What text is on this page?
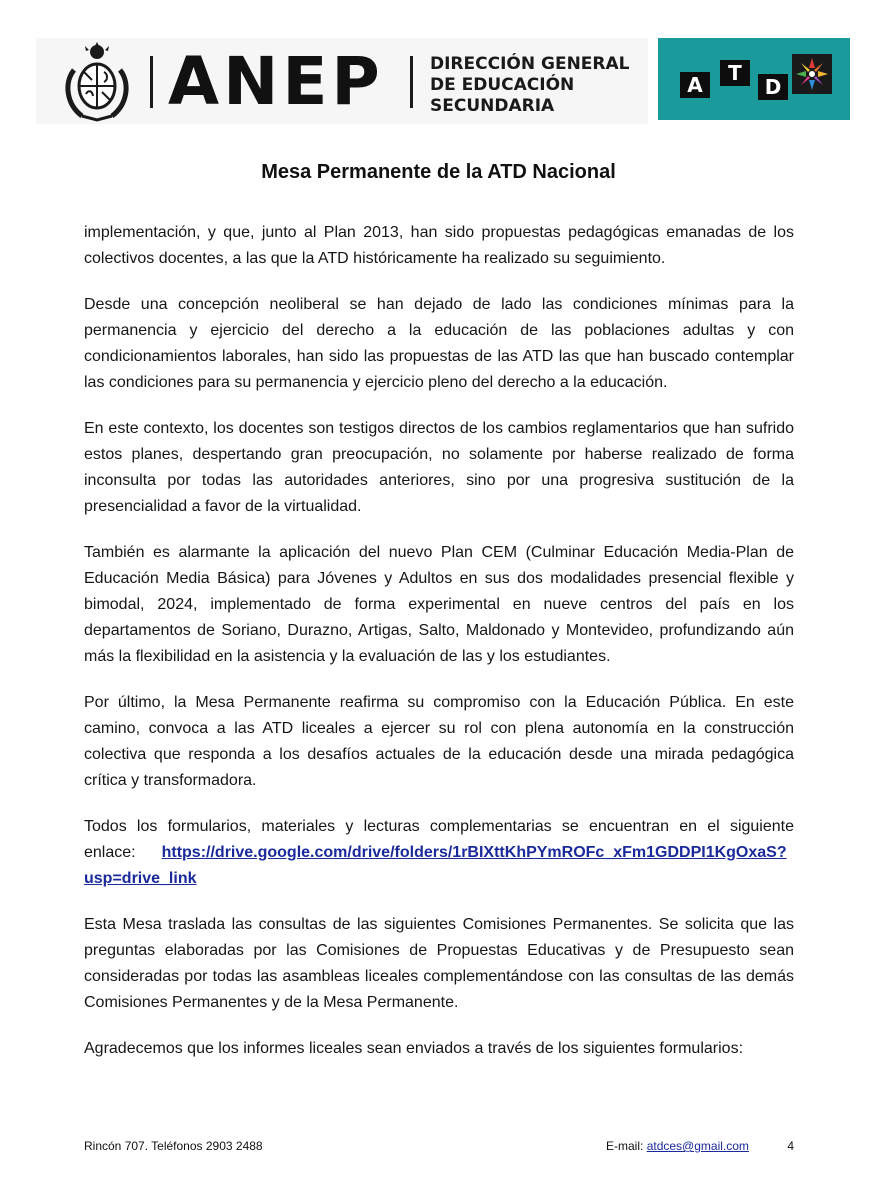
ANEP	DIRECCIÓN GENERAL
DE EDUCACIÓN
SECUNDARIA
A	T
D
Mesa Permanente de la ATD Nacional

implementación, y que, junto al Plan 2013, han sido propuestas pedagógicas emanadas de los colectivos docentes, a las que la ATD históricamente ha realizado su seguimiento.

Desde una concepción neoliberal se han dejado de lado las condiciones mínimas para la permanencia y ejercicio del derecho a la educación de las poblaciones adultas y con condicionamientos laborales, han sido las propuestas de las ATD las que han buscado contemplar las condiciones para su permanencia y ejercicio pleno del derecho a la educación.

En este contexto, los docentes son testigos directos de los cambios reglamentarios que han sufrido estos planes, despertando gran preocupación, no solamente por haberse realizado de forma inconsulta por todas las autoridades anteriores, sino por una progresiva sustitución de la presencialidad a favor de la virtualidad.

También es alarmante la aplicación del nuevo Plan CEM (Culminar Educación Media-Plan de Educación Media Básica) para Jóvenes y Adultos en sus dos modalidades presencial flexible y bimodal, 2024, implementado de forma experimental en nueve centros del país en los departamentos de Soriano, Durazno, Artigas, Salto, Maldonado y Montevideo, profundizando aún más la flexibilidad en la asistencia y la evaluación de las y los estudiantes.

Por último, la Mesa Permanente reafirma su compromiso con la Educación Pública. En este camino, convoca a las ATD liceales a ejercer su rol con plena autonomía en la construcción colectiva que responda a los desafíos actuales de la educación desde una mirada pedagógica crítica y transformadora.

Todos los formularios, materiales y lecturas complementarias se encuentran en el siguiente enlace: https://drive.google.com/drive/folders/1rBIXttKhPYmROFc_xFm1GDDPI1KgOxaS?
usp=drive_link

Esta Mesa traslada las consultas de las siguientes Comisiones Permanentes. Se solicita que las preguntas elaboradas por las Comisiones de Propuestas Educativas y de Presupuesto sean consideradas por todas las asambleas liceales complementándose con las consultas de las demás Comisiones Permanentes y de la Mesa Permanente.

Agradecemos que los informes liceales sean enviados a través de los siguientes formularios:

Rincón 707. Teléfonos 2903 2488	E-mail: atdces@gmail.com	4
